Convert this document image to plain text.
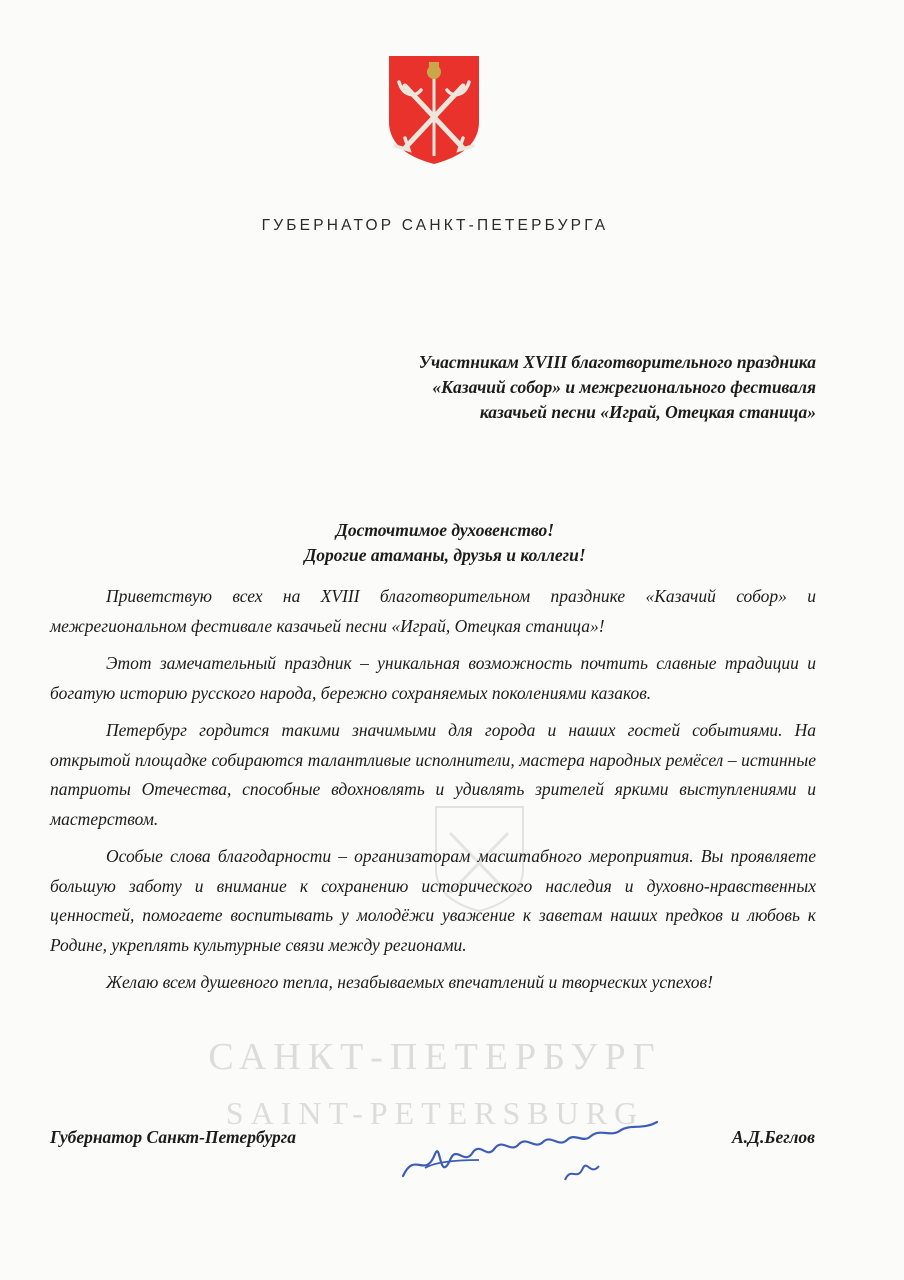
ГУБЕРНАТОР САНКТ-ПЕТЕРБУРГА
Участникам XVIII благотворительного праздника
«Казачий собор» и межрегионального фестиваля
казачьей песни «Играй, Отецкая станица»
Досточтимое духовенство!
Дорогие атаманы, друзья и коллеги!
САНКТ-ПЕТЕРБУРГ
SAINT-PETERSBURG

Приветствую всех на XVIII благотворительном празднике «Казачий собор» и межрегиональном фестивале казачьей песни «Играй, Отецкая станица»!

Этот замечательный праздник – уникальная возможность почтить славные традиции и богатую историю русского народа, бережно сохраняемых поколениями казаков.

Петербург гордится такими значимыми для города и наших гостей событиями. На открытой площадке собираются талантливые исполнители, мастера народных ремёсел – истинные патриоты Отечества, способные вдохновлять и удивлять зрителей яркими выступлениями и мастерством.

Особые слова благодарности – организаторам масштабного мероприятия. Вы проявляете большую заботу и внимание к сохранению исторического наследия и духовно-нравственных ценностей, помогаете воспитывать у молодёжи уважение к заветам наших предков и любовь к Родине, укреплять культурные связи между регионами.

Желаю всем душевного тепла, незабываемых впечатлений и творческих успехов!

Губернатор Санкт-Петербурга	А.Д.Беглов
